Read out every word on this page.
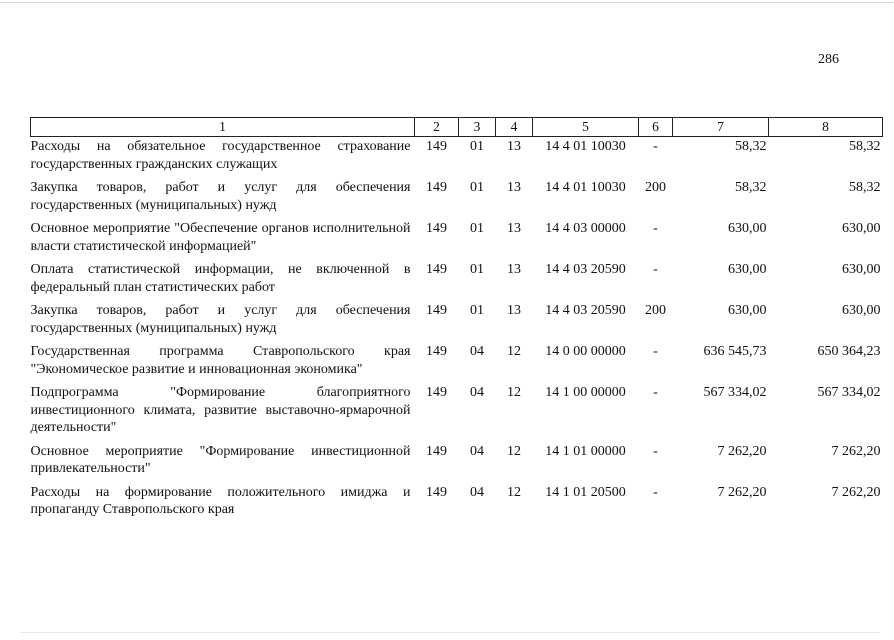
286
1	2	3	4	5	6	7	8
Расходы на обязательное государственное страхование государственных гражданских служащих	149	01	13	14 4 01 10030	-	58,32	58,32
Закупка товаров, работ и услуг для обеспечения государственных (муниципальных) нужд	149	01	13	14 4 01 10030	200	58,32	58,32
Основное мероприятие "Обеспечение органов исполнительной власти статистической информацией"	149	01	13	14 4 03 00000	-	630,00	630,00
Оплата статистической информации, не включенной в федеральный план статистических работ	149	01	13	14 4 03 20590	-	630,00	630,00
Закупка товаров, работ и услуг для обеспечения государственных (муниципальных) нужд	149	01	13	14 4 03 20590	200	630,00	630,00
Государственная программа Ставропольского края "Экономическое развитие и инновационная экономика"	149	04	12	14 0 00 00000	-	636 545,73	650 364,23
Подпрограмма "Формирование благоприятного инвестиционного климата, развитие выставочно-ярмарочной деятельности"	149	04	12	14 1 00 00000	-	567 334,02	567 334,02
Основное мероприятие "Формирование инвестиционной привлекательности"	149	04	12	14 1 01 00000	-	7 262,20	7 262,20
Расходы на формирование положительного имиджа и пропаганду Ставропольского края	149	04	12	14 1 01 20500	-	7 262,20	7 262,20
